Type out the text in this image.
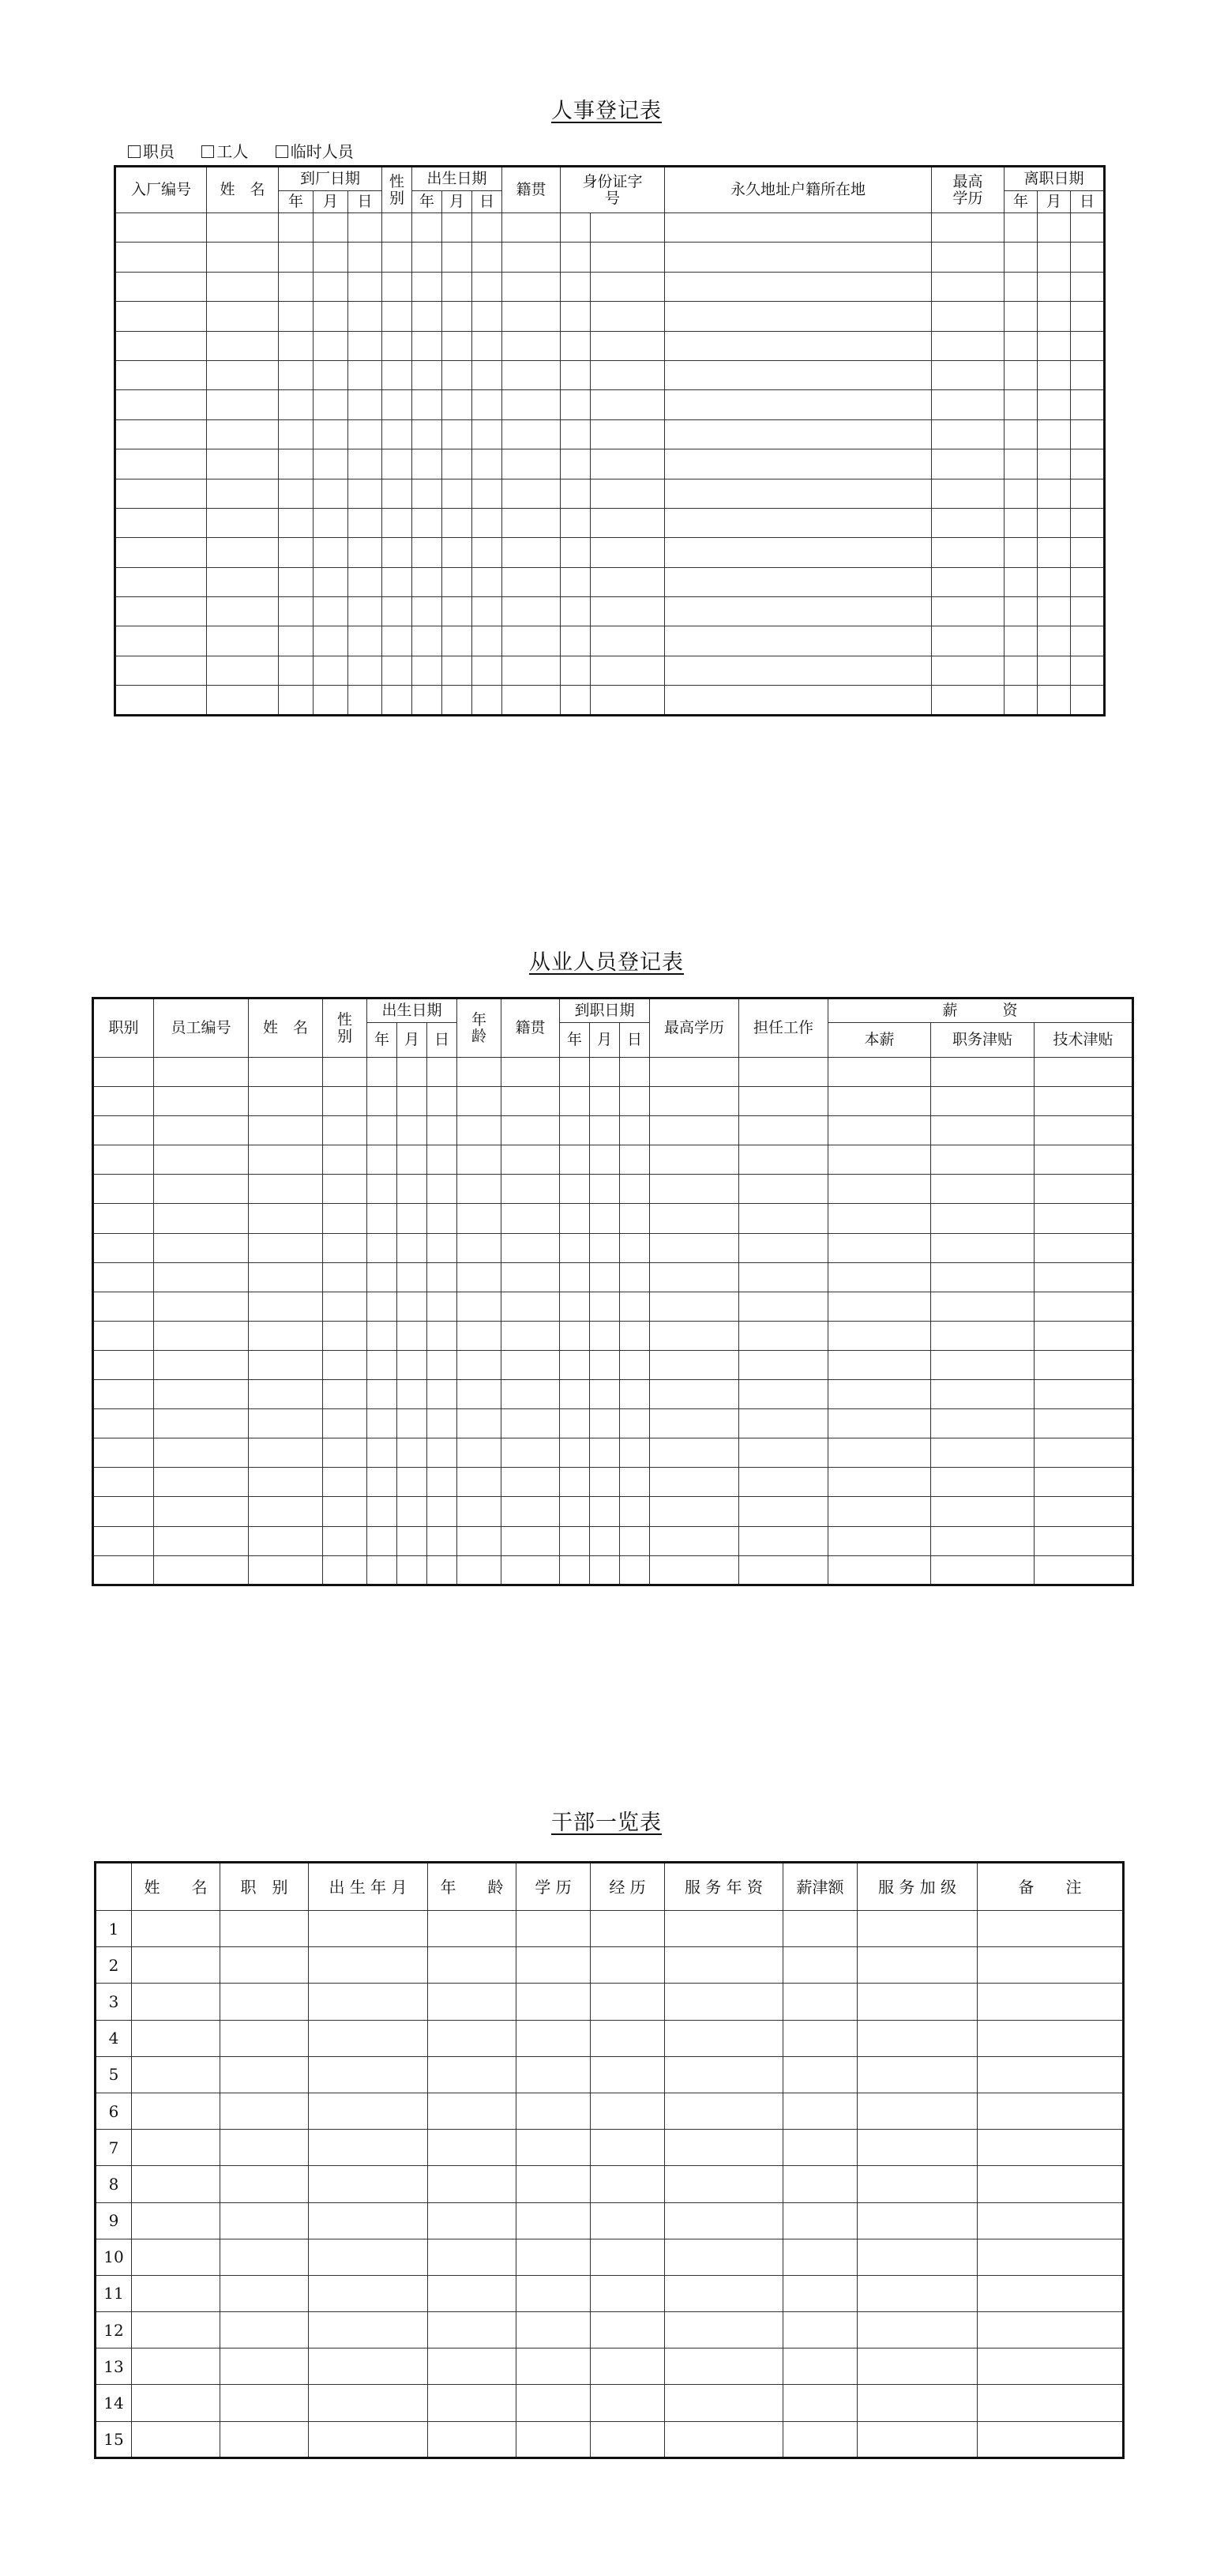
人事登记表
职员	工人	临时人员
入厂编号	姓　名	到厂日期			性别	出生日期			籍贯	身份证字号		永久地址户籍所在地	最高学历	离职日期		
		年	月	日		年	月	日						年	月	日

从业人员登记表
职别	员工编号	姓　名	性别	出生日期			年龄	籍贯	到职日期			最高学历	担任工作	薪　　　资		
				年	月	日			年	月	日			本薪	职务津贴	技术津贴

干部一览表
	姓　　名	职　别	出 生 年 月	年　　龄	学 历	经 历	服 务 年 资	薪津额	服 务 加 级	备　　注
1										
2										
3										
4										
5										
6										
7										
8										
9										
10										
11										
12										
13										
14										
15										
